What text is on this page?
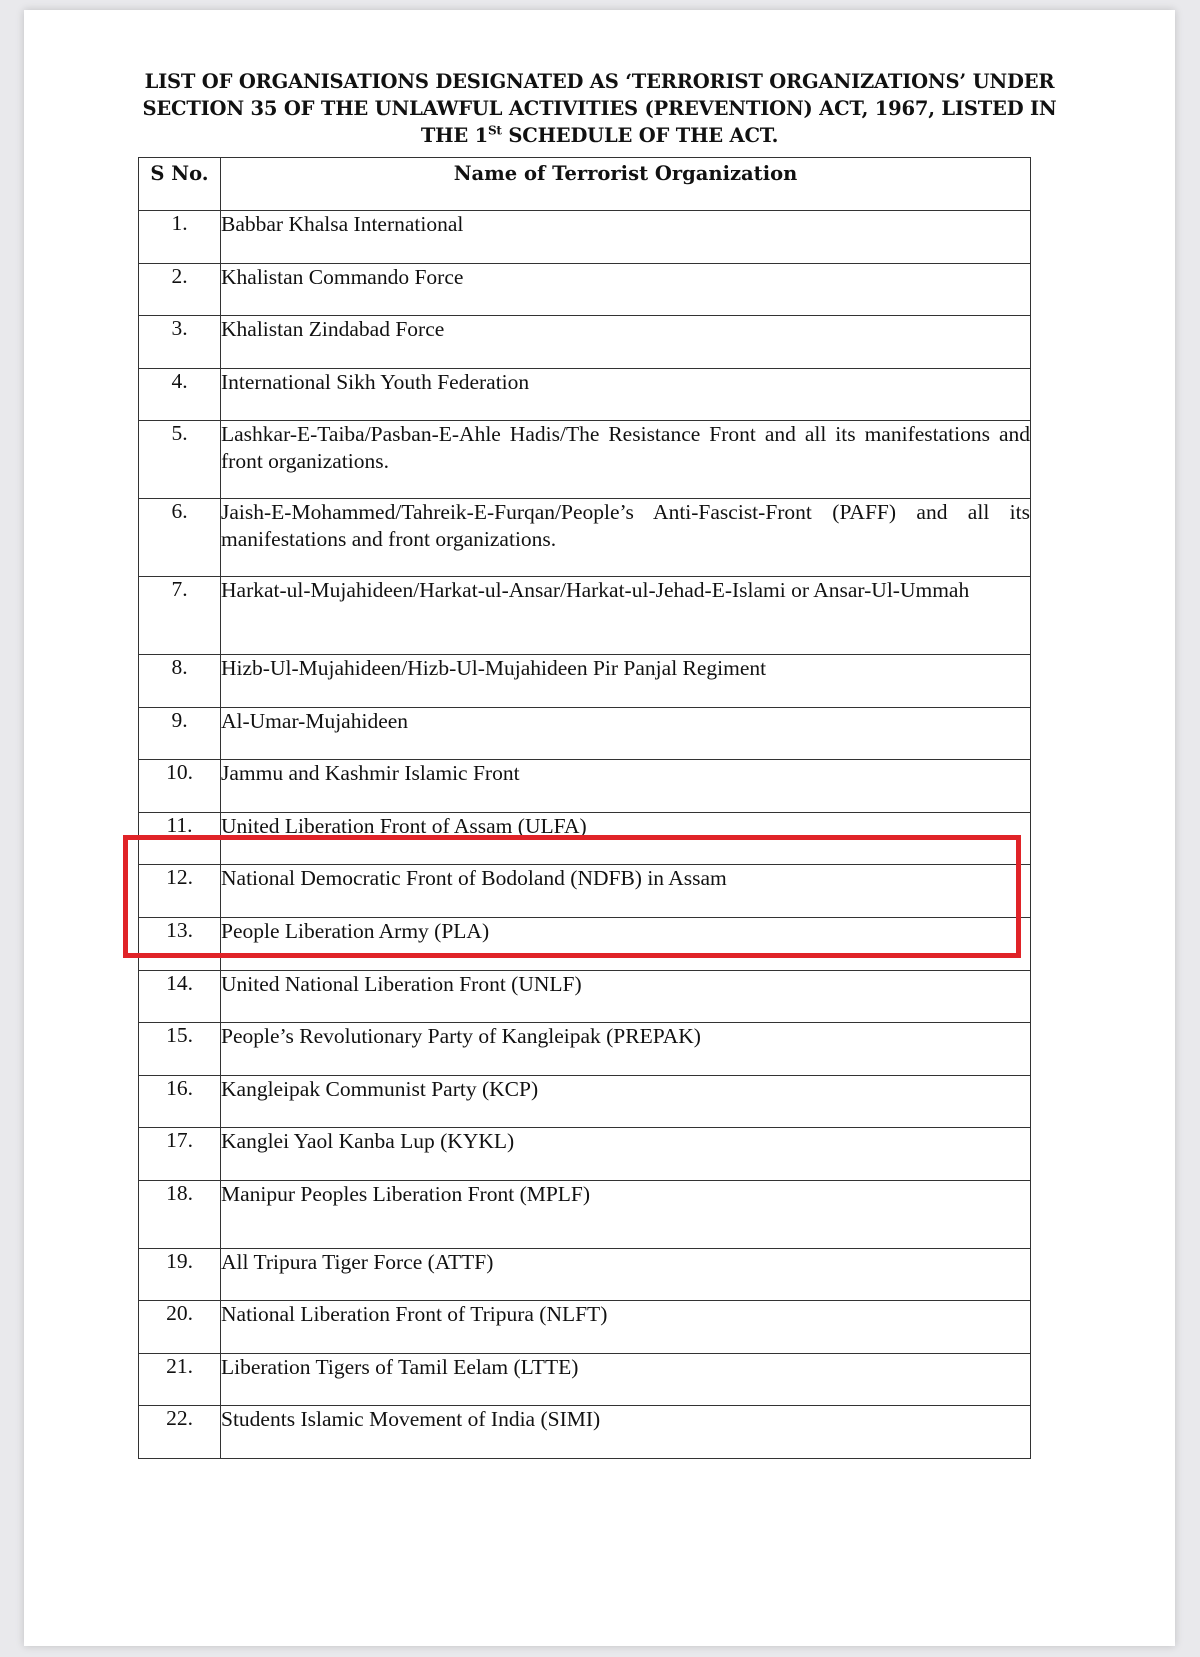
LIST OF ORGANISATIONS DESIGNATED AS ‘TERRORIST ORGANIZATIONS’ UNDER
SECTION 35 OF THE UNLAWFUL ACTIVITIES (PREVENTION) ACT, 1967, LISTED IN
THE 1St SCHEDULE OF THE ACT.
S No.	Name of Terrorist Organization
1.	Babbar Khalsa International
2.	Khalistan Commando Force
3.	Khalistan Zindabad Force
4.	International Sikh Youth Federation
5.	Lashkar-E-Taiba/Pasban-E-Ahle Hadis/The Resistance Front and all its manifestations and front organizations.
6.	Jaish-E-Mohammed/Tahreik-E-Furqan/People’s Anti-Fascist-Front (PAFF) and all its manifestations and front organizations.
7.	Harkat-ul-Mujahideen/Harkat-ul-Ansar/Harkat-ul-Jehad-E-Islami or Ansar-Ul-Ummah
8.	Hizb-Ul-Mujahideen/Hizb-Ul-Mujahideen Pir Panjal Regiment
9.	Al-Umar-Mujahideen
10.	Jammu and Kashmir Islamic Front
11.	United Liberation Front of Assam (ULFA)
12.	National Democratic Front of Bodoland (NDFB) in Assam
13.	People Liberation Army (PLA)
14.	United National Liberation Front (UNLF)
15.	People’s Revolutionary Party of Kangleipak (PREPAK)
16.	Kangleipak Communist Party (KCP)
17.	Kanglei Yaol Kanba Lup (KYKL)
18.	Manipur Peoples Liberation Front (MPLF)
19.	All Tripura Tiger Force (ATTF)
20.	National Liberation Front of Tripura (NLFT)
21.	Liberation Tigers of Tamil Eelam (LTTE)
22.	Students Islamic Movement of India (SIMI)
